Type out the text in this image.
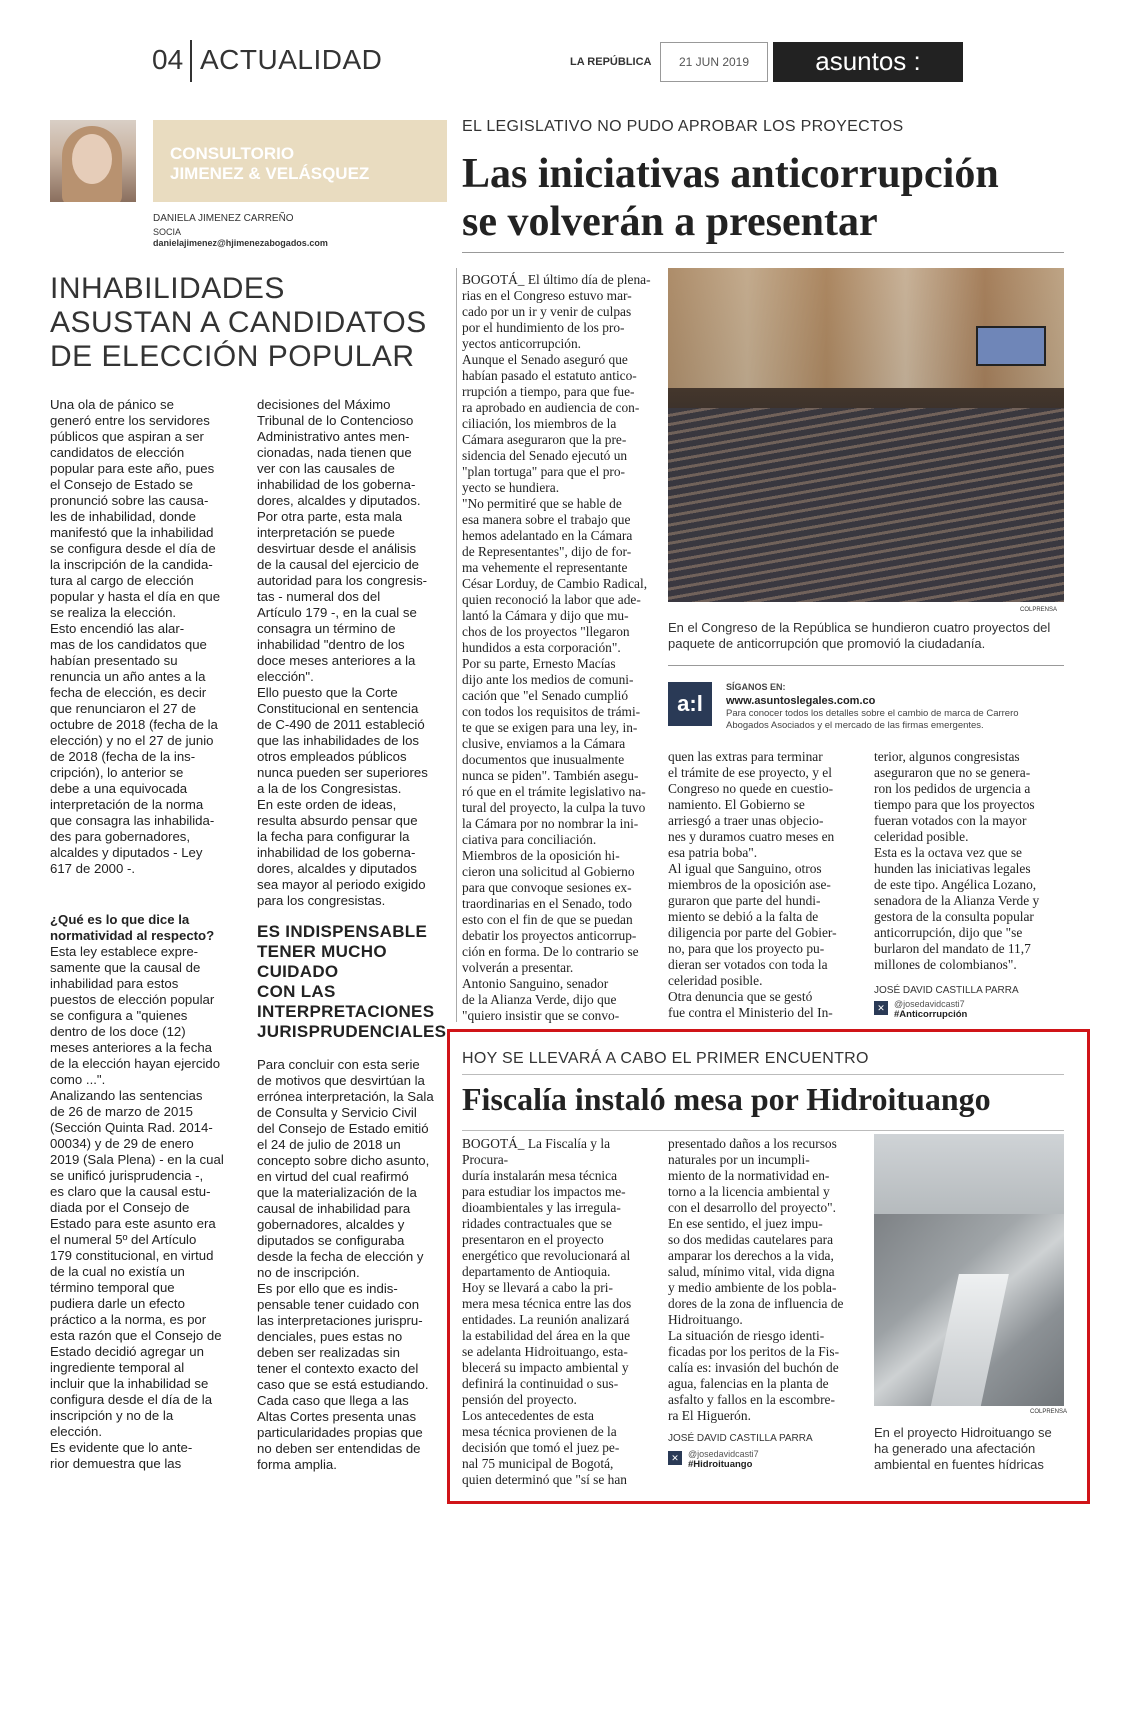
04 ACTUALIDAD	LA REPÚBLICA	21 JUN 2019	asuntos : legales
CONSULTORIO
JIMENEZ & VELÁSQUEZ
DANIELA JIMENEZ CARREÑO
SOCIA
danielajimenez@hjimenezabogados.com
INHABILIDADES
ASUSTAN A CANDIDATOS
DE ELECCIÓN POPULAR
Una ola de pánico se
generó entre los servidores
públicos que aspiran a ser
candidatos de elección
popular para este año, pues
el Consejo de Estado se
pronunció sobre las causa-
les de inhabilidad, donde
manifestó que la inhabilidad
se configura desde el día de
la inscripción de la candida-
tura al cargo de elección
popular y hasta el día en que
se realiza la elección.
Esto encendió las alar-
mas de los candidatos que
habían presentado su
renuncia un año antes a la
fecha de elección, es decir
que renunciaron el 27 de
octubre de 2018 (fecha de la
elección) y no el 27 de junio
de 2018 (fecha de la ins-
cripción), lo anterior se
debe a una equivocada
interpretación de la norma
que consagra las inhabilida-
des para gobernadores,
alcaldes y diputados - Ley
617 de 2000 -.
¿Qué es lo que dice la
normatividad al respecto?
Esta ley establece expre-
samente que la causal de
inhabilidad para estos
puestos de elección popular
se configura a "quienes
dentro de los doce (12)
meses anteriores a la fecha
de la elección hayan ejercido
como ...".
Analizando las sentencias
de 26 de marzo de 2015
(Sección Quinta Rad. 2014-
00034) y de 29 de enero
2019 (Sala Plena) - en la cual
se unificó jurisprudencia -,
es claro que la causal estu-
diada por el Consejo de
Estado para este asunto era
el numeral 5º del Artículo
179 constitucional, en virtud
de la cual no existía un
término temporal que
pudiera darle un efecto
práctico a la norma, es por
esta razón que el Consejo de
Estado decidió agregar un
ingrediente temporal al
incluir que la inhabilidad se
configura desde el día de la
inscripción y no de la
elección.
Es evidente que lo ante-
rior demuestra que las
decisiones del Máximo
Tribunal de lo Contencioso
Administrativo antes men-
cionadas, nada tienen que
ver con las causales de
inhabilidad de los goberna-
dores, alcaldes y diputados.
Por otra parte, esta mala
interpretación se puede
desvirtuar desde el análisis
de la causal del ejercicio de
autoridad para los congresis-
tas - numeral dos del
Artículo 179 -, en la cual se
consagra un término de
inhabilidad "dentro de los
doce meses anteriores a la
elección".
Ello puesto que la Corte
Constitucional en sentencia
de C-490 de 2011 estableció
que las inhabilidades de los
otros empleados públicos
nunca pueden ser superiores
a la de los Congresistas.
En este orden de ideas,
resulta absurdo pensar que
la fecha para configurar la
inhabilidad de los goberna-
dores, alcaldes y diputados
sea mayor al periodo exigido
para los congresistas.
ES INDISPENSABLE
TENER MUCHO
CUIDADO
CON LAS
INTERPRETACIONES
JURISPRUDENCIALES
Para concluir con esta serie
de motivos que desvirtúan la
errónea interpretación, la Sala
de Consulta y Servicio Civil
del Consejo de Estado emitió
el 24 de julio de 2018 un
concepto sobre dicho asunto,
en virtud del cual reafirmó
que la materialización de la
causal de inhabilidad para
gobernadores, alcaldes y
diputados se configuraba
desde la fecha de elección y
no de inscripción.
Es por ello que es indis-
pensable tener cuidado con
las interpretaciones jurispru-
denciales, pues estas no
deben ser realizadas sin
tener el contexto exacto del
caso que se está estudiando.
Cada caso que llega a las
Altas Cortes presenta unas
particularidades propias que
no deben ser entendidas de
forma amplia.
EL LEGISLATIVO NO PUDO APROBAR LOS PROYECTOS
Las iniciativas anticorrupción
se volverán a presentar
BOGOTÁ_ El último día de plena-
rias en el Congreso estuvo mar-
cado por un ir y venir de culpas
por el hundimiento de los pro-
yectos anticorrupción.
Aunque el Senado aseguró que
habían pasado el estatuto antico-
rrupción a tiempo, para que fue-
ra aprobado en audiencia de con-
ciliación, los miembros de la
Cámara aseguraron que la pre-
sidencia del Senado ejecutó un
"plan tortuga" para que el pro-
yecto se hundiera.
"No permitiré que se hable de
esa manera sobre el trabajo que
hemos adelantado en la Cámara
de Representantes", dijo de for-
ma vehemente el representante
César Lorduy, de Cambio Radical,
quien reconoció la labor que ade-
lantó la Cámara y dijo que mu-
chos de los proyectos "llegaron
hundidos a esta corporación".
Por su parte, Ernesto Macías
dijo ante los medios de comuni-
cación que "el Senado cumplió
con todos los requisitos de trámi-
te que se exigen para una ley, in-
clusive, enviamos a la Cámara
documentos que inusualmente
nunca se piden". También asegu-
ró que en el trámite legislativo na-
tural del proyecto, la culpa la tuvo
la Cámara por no nombrar la ini-
ciativa para conciliación.
Miembros de la oposición hi-
cieron una solicitud al Gobierno
para que convoque sesiones ex-
traordinarias en el Senado, todo
esto con el fin de que se puedan
debatir los proyectos anticorrup-
ción en forma. De lo contrario se
volverán a presentar.
Antonio Sanguino, senador
de la Alianza Verde, dijo que
"quiero insistir que se convo-
COLPRENSA
En el Congreso de la República se hundieron cuatro proyectos del
paquete de anticorrupción que promovió la ciudadanía.
a:l
SÍGANOS EN:
www.asuntoslegales.com.co
Para conocer todos los detalles sobre el cambio de marca de Carrero
Abogados Asociados y el mercado de las firmas emergentes.
quen las extras para terminar
el trámite de ese proyecto, y el
Congreso no quede en cuestio-
namiento. El Gobierno se
arriesgó a traer unas objecio-
nes y duramos cuatro meses en
esa patria boba".
Al igual que Sanguino, otros
miembros de la oposición ase-
guraron que parte del hundi-
miento se debió a la falta de
diligencia por parte del Gobier-
no, para que los proyecto pu-
dieran ser votados con toda la
celeridad posible.
Otra denuncia que se gestó
fue contra el Ministerio del In-
terior, algunos congresistas
aseguraron que no se genera-
ron los pedidos de urgencia a
tiempo para que los proyectos
fueran votados con la mayor
celeridad posible.
Esta es la octava vez que se
hunden las iniciativas legales
de este tipo. Angélica Lozano,
senadora de la Alianza Verde y
gestora de la consulta popular
anticorrupción, dijo que "se
burlaron del mandato de 11,7
millones de colombianos".
JOSÉ DAVID CASTILLA PARRA
✕	@josedavidcasti7
#Anticorrupción
HOY SE LLEVARÁ A CABO EL PRIMER ENCUENTRO
Fiscalía instaló mesa por Hidroituango
BOGOTÁ_ La Fiscalía y la Procura-
duría instalarán mesa técnica
para estudiar los impactos me-
dioambientales y las irregula-
ridades contractuales que se
presentaron en el proyecto
energético que revolucionará al
departamento de Antioquia.
Hoy se llevará a cabo la pri-
mera mesa técnica entre las dos
entidades. La reunión analizará
la estabilidad del área en la que
se adelanta Hidroituango, esta-
blecerá su impacto ambiental y
definirá la continuidad o sus-
pensión del proyecto.
Los antecedentes de esta
mesa técnica provienen de la
decisión que tomó el juez pe-
nal 75 municipal de Bogotá,
quien determinó que "sí se han
presentado daños a los recursos
naturales por un incumpli-
miento de la normatividad en-
torno a la licencia ambiental y
con el desarrollo del proyecto".
En ese sentido, el juez impu-
so dos medidas cautelares para
amparar los derechos a la vida,
salud, mínimo vital, vida digna
y medio ambiente de los pobla-
dores de la zona de influencia de
Hidroituango.
La situación de riesgo identi-
ficadas por los peritos de la Fis-
calía es: invasión del buchón de
agua, falencias en la planta de
asfalto y fallos en la escombre-
ra El Higuerón.	COLPRENSA
En el proyecto Hidroituango se
ha generado una afectación
ambiental en fuentes hídricas
JOSÉ DAVID CASTILLA PARRA
✕	@josedavidcasti7
#Hidroituango
